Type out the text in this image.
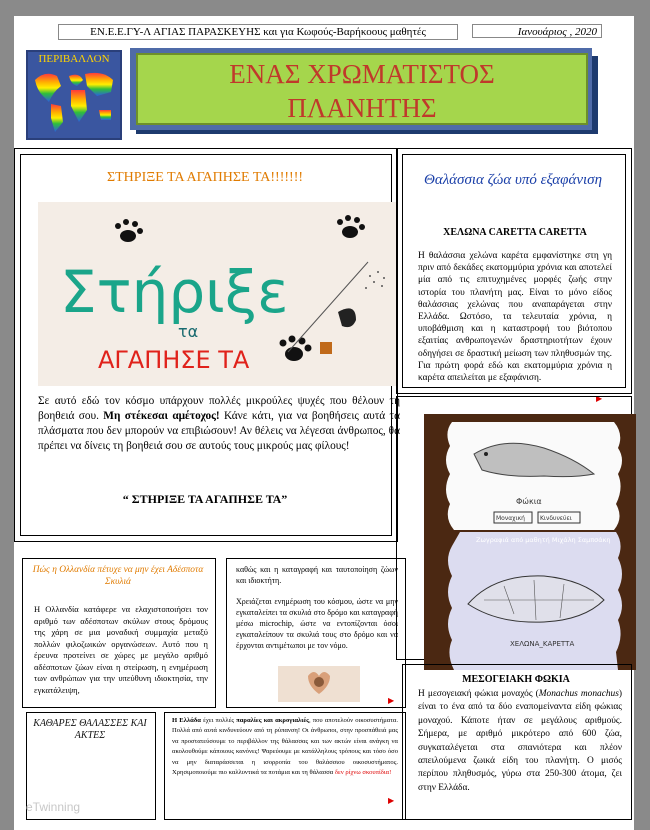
ΕΝ.Ε.Ε.ΓΥ-Λ ΑΓΙΑΣ ΠΑΡΑΣΚΕΥΗΣ και για Κωφούς-Βαρήκοους μαθητές	Ιανουάριος , 2020
ΠΕΡΙΒΑΛΛΟΝ	ΕΝΑΣ ΧΡΩΜΑΤΙΣΤΟΣ
ΠΛΑΝΗΤΗΣ
ΣΤΗΡΙΞΕ ΤΑ ΑΓΑΠΗΣΕ ΤΑ!!!!!!!
Στήριξε
τα
ΑΓΑΠΗΣΕ ΤΑ
Σε αυτό εδώ τον κόσμο υπάρχουν πολλές μικρούλες ψυχές που θέλουν τη βοηθειά σου. Μη στέκεσαι αμέτοχος! Κάνε κάτι, για να βοηθήσεις αυτά τα πλάσματα που δεν μπορούν να επιβιώσουν! Αν θέλεις να λέγεσαι άνθρωπος, θα πρέπει να δίνεις τη βοηθειά σου σε αυτούς τους μικρούς μας φίλους!
“ ΣΤΗΡΙΞΕ ΤΑ ΑΓΑΠΗΣΕ ΤΑ”
Θαλάσσια ζώα υπό εξαφάνιση
ΧΕΛΩΝΑ CARETTA CARETTA
Η θαλάσσια χελώνα καρέτα εμφανίστηκε στη γη πριν από δεκάδες εκατομμύρια χρόνια και αποτελεί μία από τις επιτυχημένες μορφές ζωής στην ιστορία του πλανήτη μας. Είναι το μόνο είδος θαλάσσιας χελώνας που αναπαράγεται στην Ελλάδα. Ωστόσο, τα τελευταία χρόνια, η υποβάθμιση και η καταστροφή του βιότοπου εξαιτίας ανθρωπογενών δραστηριοτήτων έχουν οδηγήσει σε δραστική μείωση των πληθυσμών της. Για πρώτη φορά εδώ και εκατομμύρια χρόνια η καρέτα απειλείται με εξαφάνιση.
▶
Φώκια
Μοναχική	Κινδυνεύει
Ζωγραφιά από μαθητή Μιχάλη Σαμπσάκη
ΧΕΛΩΝΑ_ΚΑΡΕΤΤΑ
ΜΕΣΟΓΕΙΑΚΗ ΦΩΚΙΑ
Η μεσογειακή φώκια μοναχός (Monachus monachus) είναι το ένα από τα δύο εναπομείναντα είδη φώκιας μοναχού. Κάποτε ήταν σε μεγάλους αριθμούς. Σήμερα, με αριθμό μικρότερο από 600 ζώα, συγκαταλέγεται στα σπανιότερα και πλέον απειλούμενα ζωικά είδη του πλανήτη. Ο μισός περίπου πληθυσμός, γύρω στα 250-300 άτομα, ζει στην Ελλάδα.
Πώς η Ολλανδία πέτυχε να μην έχει Αδέσποτα Σκυλιά
Η Ολλανδία κατάφερε να ελαχιστοποιήσει τον αριθμό των αδέσποτων σκύλων στους δρόμους της χάρη σε μια μοναδική συμμαχία μεταξύ πολλών φιλοζωικών οργανώσεων. Αυτό που η έρευνα προτείνει σε χώρες με μεγάλο αριθμό αδέσποτων ζώων είναι η στείρωση, η ενημέρωση των ανθρώπων για την υπεύθυνη ιδιοκτησία, την εγκατάλειψη,
καθώς και η καταγραφή και ταυτοποίηση ζώων και ιδιοκτήτη.
Χρειάζεται ενημέρωση του κόσμου, ώστε να μην εγκαταλείπει τα σκυλιά στο δρόμο και καταγραφή μέσω microchip, ώστε να εντοπίζονται όσοι εγκαταλείπουν τα σκυλιά τους στο δρόμο και να έρχονται αντιμέτωποι με τον νόμο.
▶
ΚΑΘΑΡΕΣ ΘΑΛΑΣΣΕΣ ΚΑΙ ΑΚΤΕΣ
eTwinning
Η Ελλάδα έχει πολλές παραλίες και ακρογιαλιές, που αποτελούν οικοσυστήματα. Πολλά από αυτά κινδυνεύουν από τη ρύπανση! Οι άνθρωποι, στην προσπάθειά μας να προστατεύσουμε το περιβάλλον της θάλασσας και των ακτών είναι ανάγκη να ακολουθούμε κάποιους κανόνες! Ψαρεύουμε με κατάλληλους τρόπους και τόσο όσο να μην διαταράσσεται η ισορροπία του θαλάσσιου οικοσυστήματος. Χρησιμοποιούμε πιο καλλυντικά τα ποτάμια και τη θάλασσα δεν ρίχνω σκουπίδια!
▶
